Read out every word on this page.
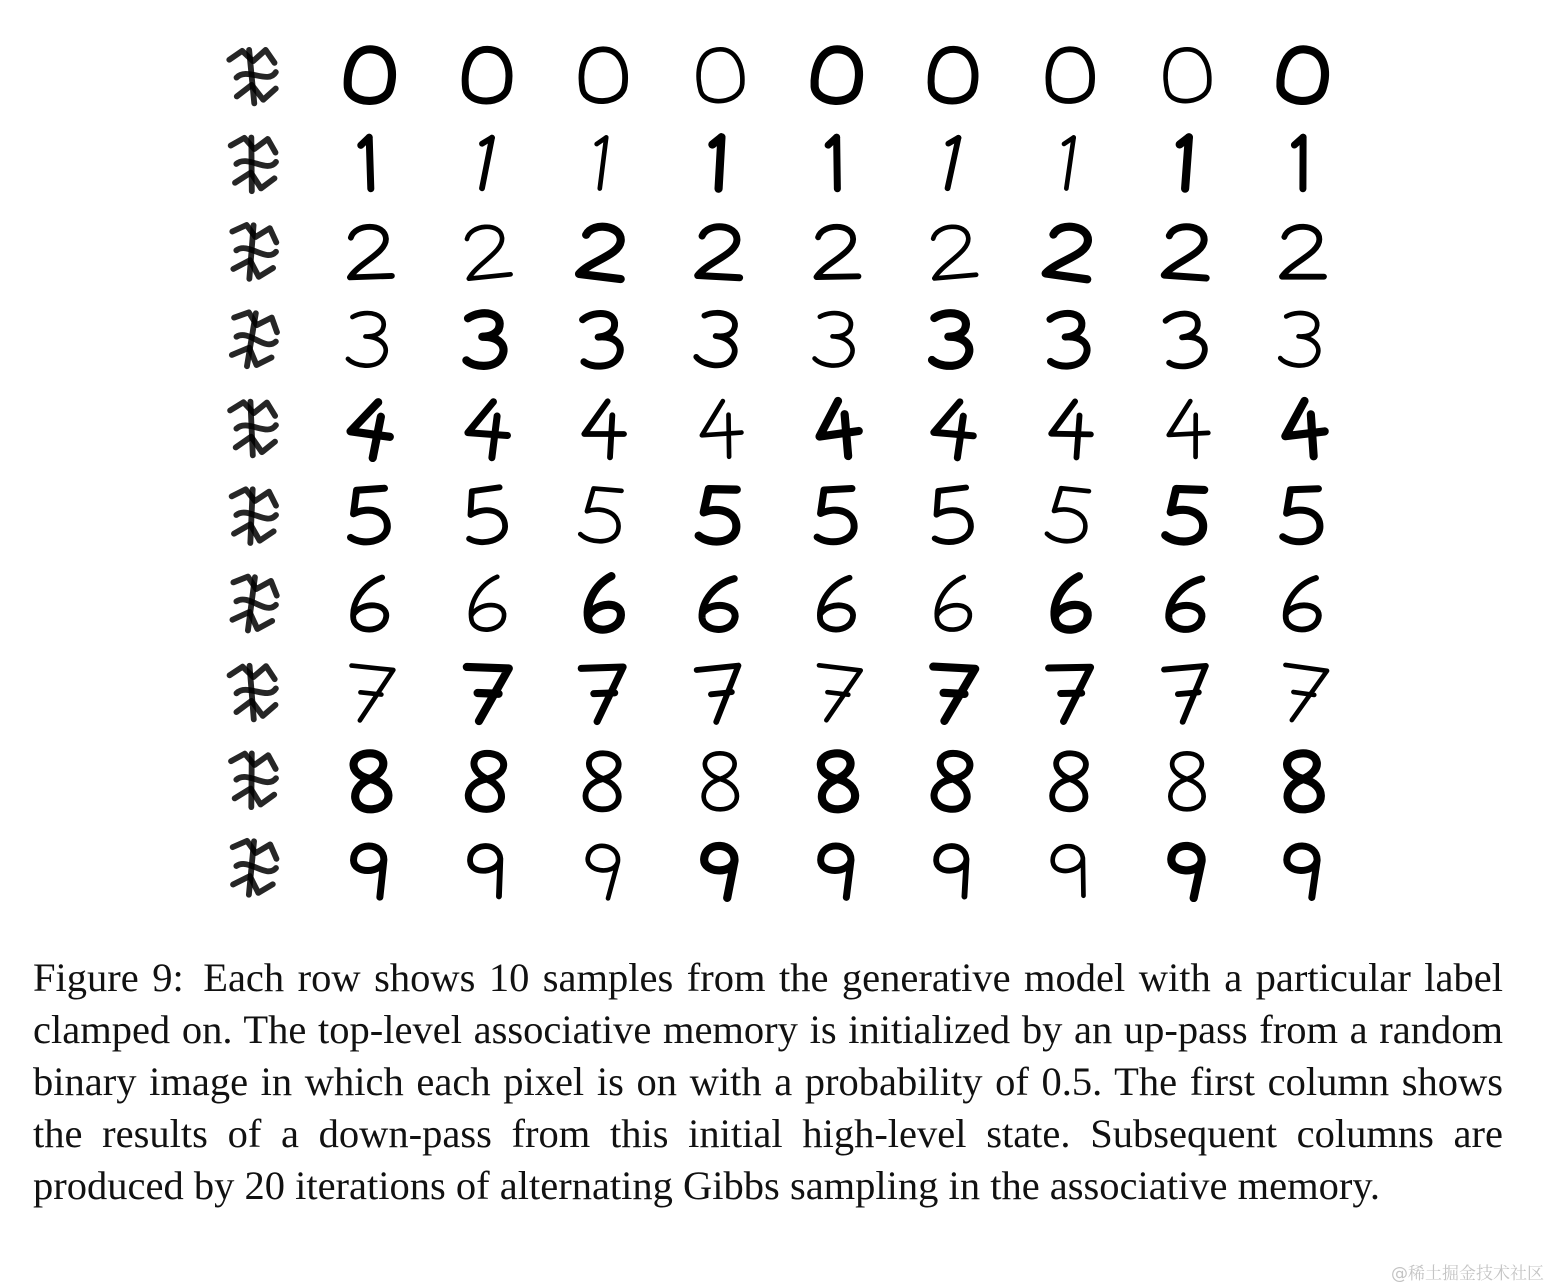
Figure 9: Each row shows 10 samples from the generative model with a particular label clamped on. The top-level associative memory is initialized by an up-pass from a random binary image in which each pixel is on with a probability of 0.5. The first column shows the results of a down-pass from this initial high-level state. Subsequent columns are produced by 20 iterations of alternating Gibbs sampling in the associative memory.

@稀土掘金技术社区
